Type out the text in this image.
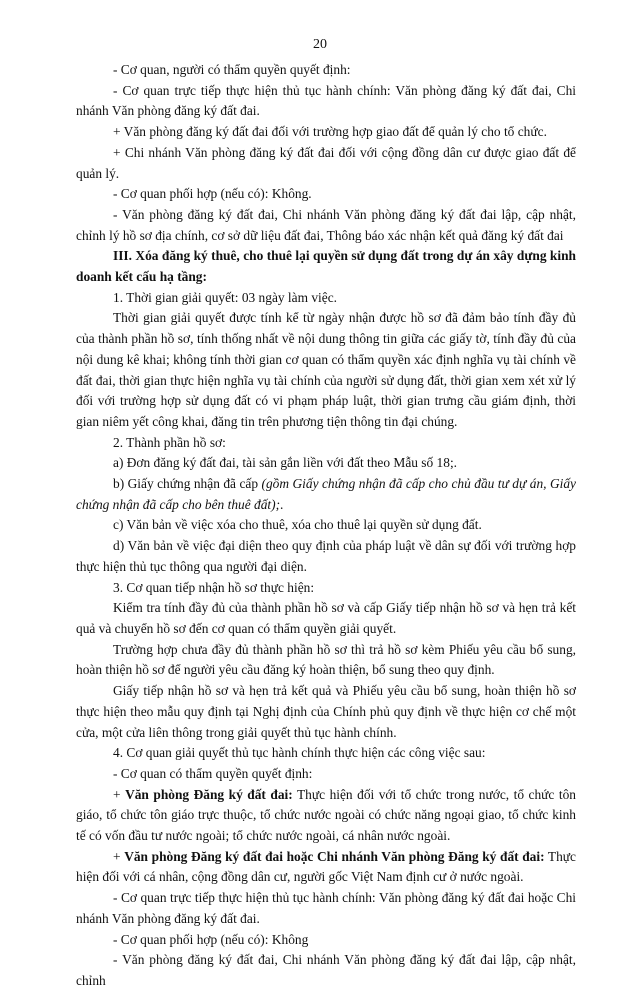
20

- Cơ quan, người có thẩm quyền quyết định:

- Cơ quan trực tiếp thực hiện thủ tục hành chính: Văn phòng đăng ký đất đai, Chi nhánh Văn phòng đăng ký đất đai.

+ Văn phòng đăng ký đất đai đối với trường hợp giao đất để quản lý cho tổ chức.

+ Chi nhánh Văn phòng đăng ký đất đai đối với cộng đồng dân cư được giao đất để quản lý.

- Cơ quan phối hợp (nếu có): Không.

- Văn phòng đăng ký đất đai, Chi nhánh Văn phòng đăng ký đất đai lập, cập nhật, chỉnh lý hồ sơ địa chính, cơ sở dữ liệu đất đai, Thông báo xác nhận kết quả đăng ký đất đai

III. Xóa đăng ký thuê, cho thuê lại quyền sử dụng đất trong dự án xây dựng kinh doanh kết cấu hạ tầng:

1. Thời gian giải quyết: 03 ngày làm việc.

Thời gian giải quyết được tính kể từ ngày nhận được hồ sơ đã đảm bảo tính đầy đủ của thành phần hồ sơ, tính thống nhất về nội dung thông tin giữa các giấy tờ, tính đầy đủ của nội dung kê khai; không tính thời gian cơ quan có thẩm quyền xác định nghĩa vụ tài chính về đất đai, thời gian thực hiện nghĩa vụ tài chính của người sử dụng đất, thời gian xem xét xử lý đối với trường hợp sử dụng đất có vi phạm pháp luật, thời gian trưng cầu giám định, thời gian niêm yết công khai, đăng tin trên phương tiện thông tin đại chúng.

2. Thành phần hồ sơ:

a) Đơn đăng ký đất đai, tài sản gắn liền với đất theo Mẫu số 18;.

b) Giấy chứng nhận đã cấp (gồm Giấy chứng nhận đã cấp cho chủ đầu tư dự án, Giấy chứng nhận đã cấp cho bên thuê đất);.

c) Văn bản về việc xóa cho thuê, xóa cho thuê lại quyền sử dụng đất.

d) Văn bản về việc đại diện theo quy định của pháp luật về dân sự đối với trường hợp thực hiện thủ tục thông qua người đại diện.

3. Cơ quan tiếp nhận hồ sơ thực hiện:

Kiểm tra tính đầy đủ của thành phần hồ sơ và cấp Giấy tiếp nhận hồ sơ và hẹn trả kết quả và chuyển hồ sơ đến cơ quan có thẩm quyền giải quyết.

Trường hợp chưa đầy đủ thành phần hồ sơ thì trả hồ sơ kèm Phiếu yêu cầu bổ sung, hoàn thiện hồ sơ để người yêu cầu đăng ký hoàn thiện, bổ sung theo quy định.

Giấy tiếp nhận hồ sơ và hẹn trả kết quả và Phiếu yêu cầu bổ sung, hoàn thiện hồ sơ thực hiện theo mẫu quy định tại Nghị định của Chính phủ quy định về thực hiện cơ chế một cửa, một cửa liên thông trong giải quyết thủ tục hành chính.

4. Cơ quan giải quyết thủ tục hành chính thực hiện các công việc sau:

- Cơ quan có thẩm quyền quyết định:

+ Văn phòng Đăng ký đất đai: Thực hiện đối với tổ chức trong nước, tổ chức tôn giáo, tổ chức tôn giáo trực thuộc, tổ chức nước ngoài có chức năng ngoại giao, tổ chức kinh tế có vốn đầu tư nước ngoài; tổ chức nước ngoài, cá nhân nước ngoài.

+ Văn phòng Đăng ký đất đai hoặc Chi nhánh Văn phòng Đăng ký đất đai: Thực hiện đối với cá nhân, cộng đồng dân cư, người gốc Việt Nam định cư ở nước ngoài.

- Cơ quan trực tiếp thực hiện thủ tục hành chính: Văn phòng đăng ký đất đai hoặc Chi nhánh Văn phòng đăng ký đất đai.

- Cơ quan phối hợp (nếu có): Không

- Văn phòng đăng ký đất đai, Chi nhánh Văn phòng đăng ký đất đai lập, cập nhật, chỉnh
